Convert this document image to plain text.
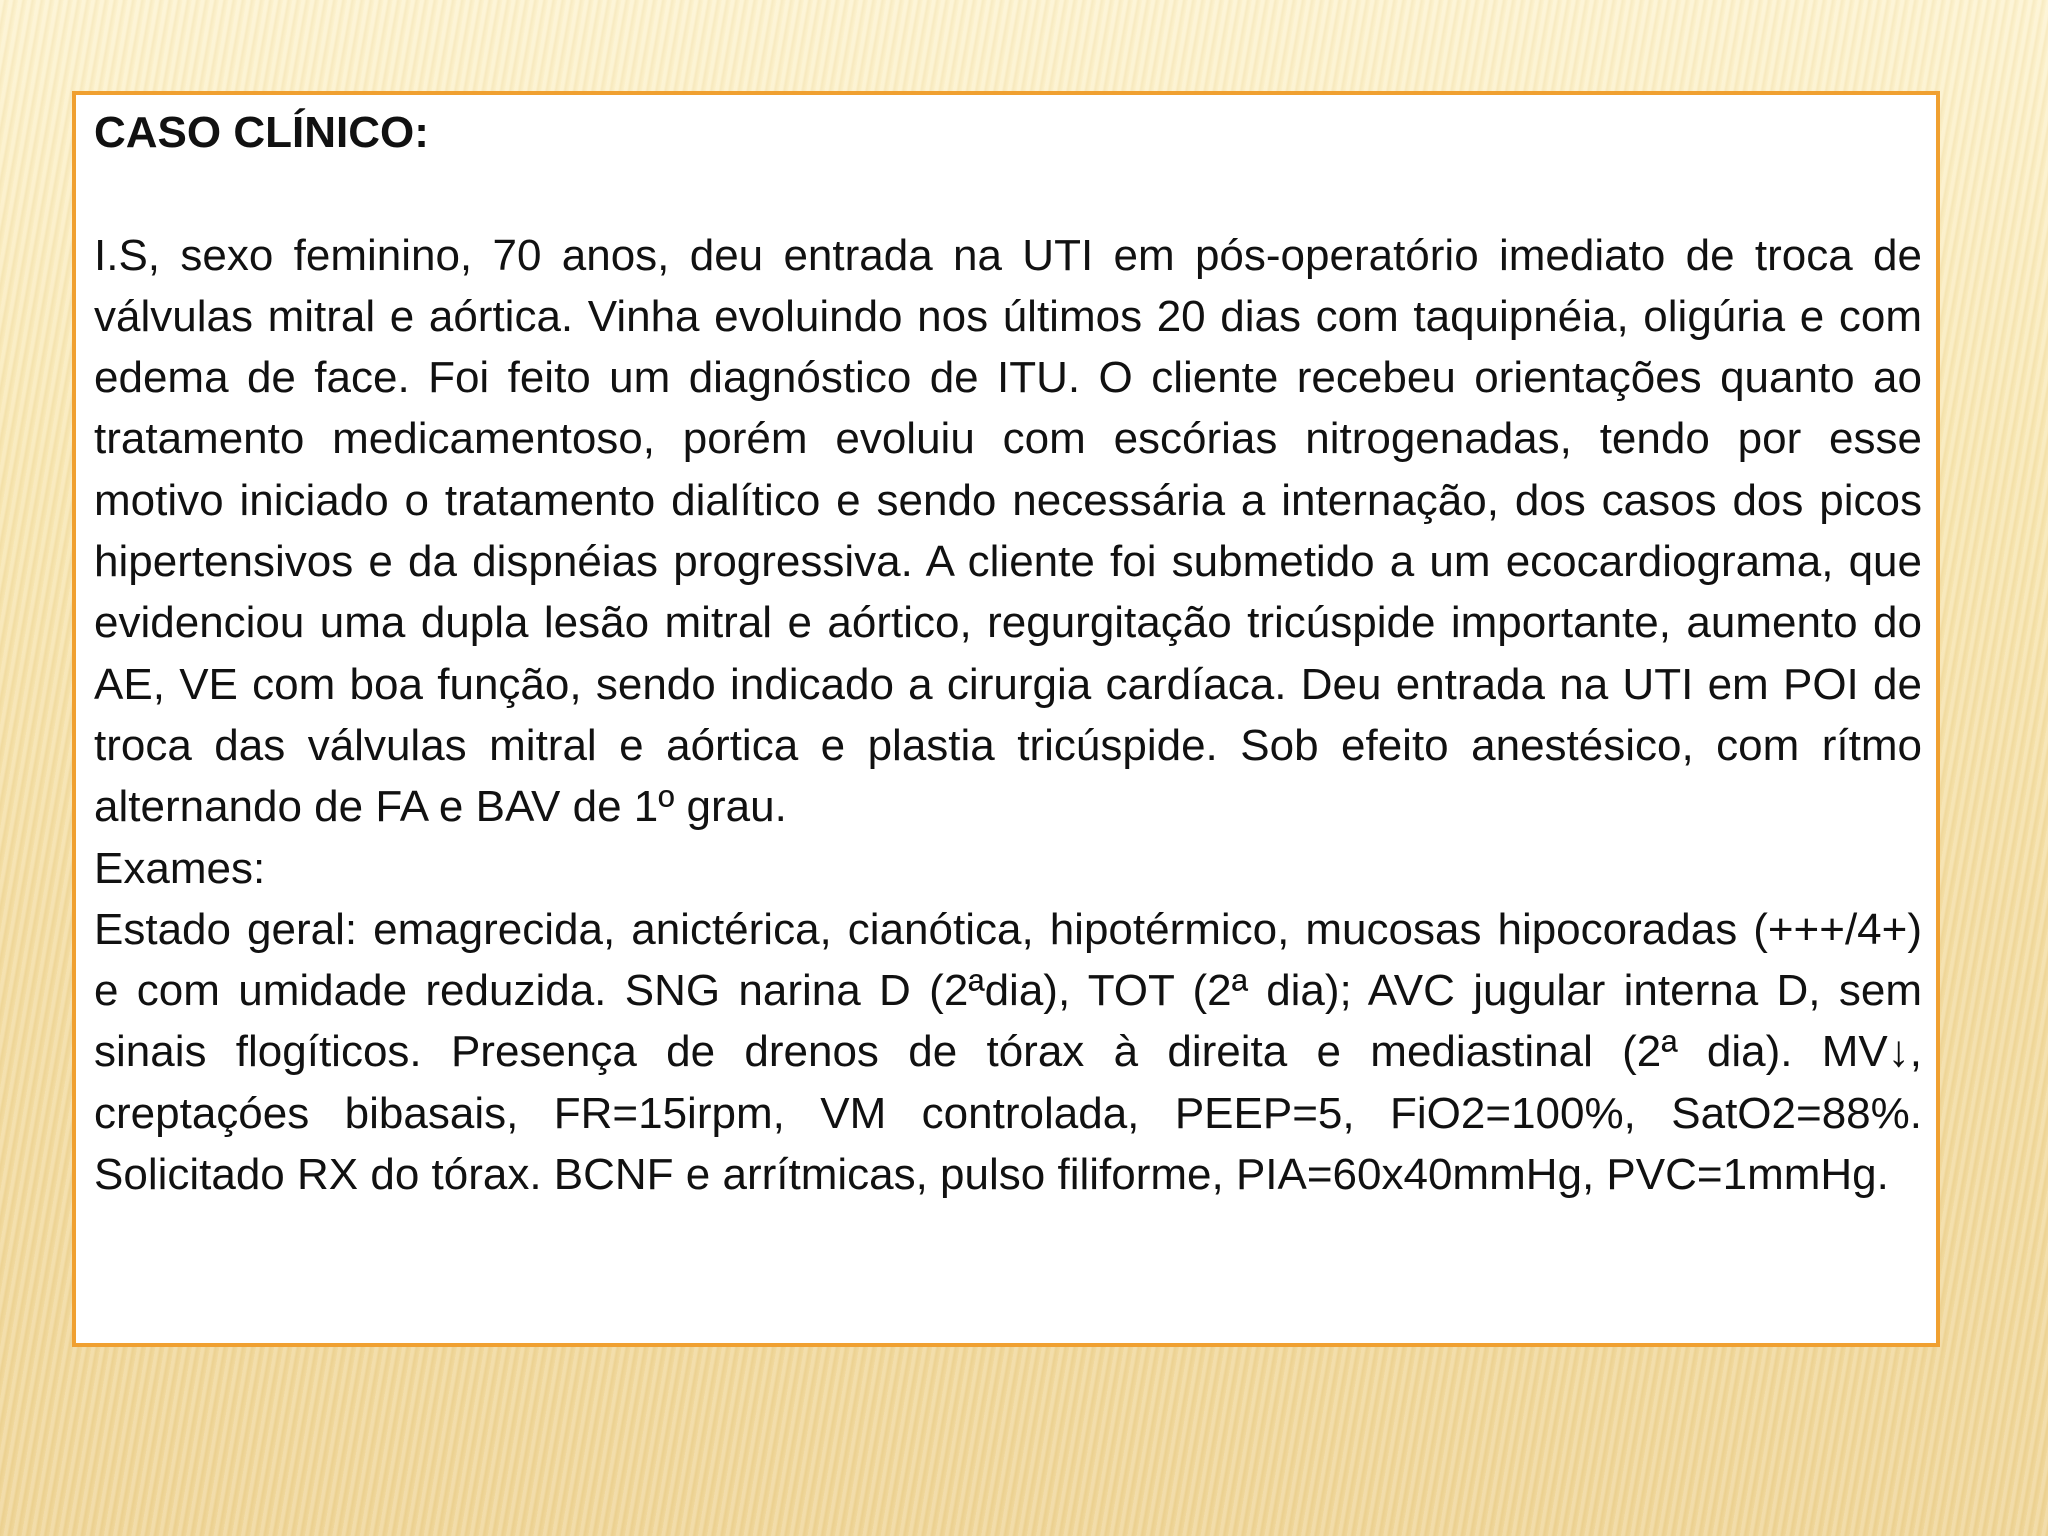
CASO CLÍNICO:

I.S, sexo feminino, 70 anos, deu entrada na UTI em pós-operatório imediato de troca de válvulas mitral e aórtica. Vinha evoluindo nos últimos 20 dias com taquipnéia, oligúria e com edema de face. Foi feito um diagnóstico de ITU. O cliente recebeu orientações quanto ao tratamento medicamentoso, porém evoluiu com escórias nitrogenadas, tendo por esse motivo iniciado o tratamento dialítico e sendo necessária a internação, dos casos dos picos hipertensivos e da dispnéias progressiva. A cliente foi submetido a um ecocardiograma, que evidenciou uma dupla lesão mitral e aórtico, regurgitação tricúspide importante, aumento do AE, VE com boa função, sendo indicado a cirurgia cardíaca. Deu entrada na UTI em POI de troca das válvulas mitral e aórtica e plastia tricúspide. Sob efeito anestésico, com rítmo alternando de FA e BAV de 1º grau.

Exames:

Estado geral: emagrecida, anictérica, cianótica, hipotérmico, mucosas hipocoradas (+++/4+) e com umidade reduzida. SNG narina D (2ªdia), TOT (2ª dia); AVC jugular interna D, sem sinais flogíticos. Presença de drenos de tórax à direita e mediastinal (2ª dia). MV↓, creptaçóes bibasais, FR=15irpm, VM controlada, PEEP=5, FiO2=100%, SatO2=88%. Solicitado RX do tórax. BCNF e arrítmicas, pulso filiforme, PIA=60x40mmHg, PVC=1mmHg.
